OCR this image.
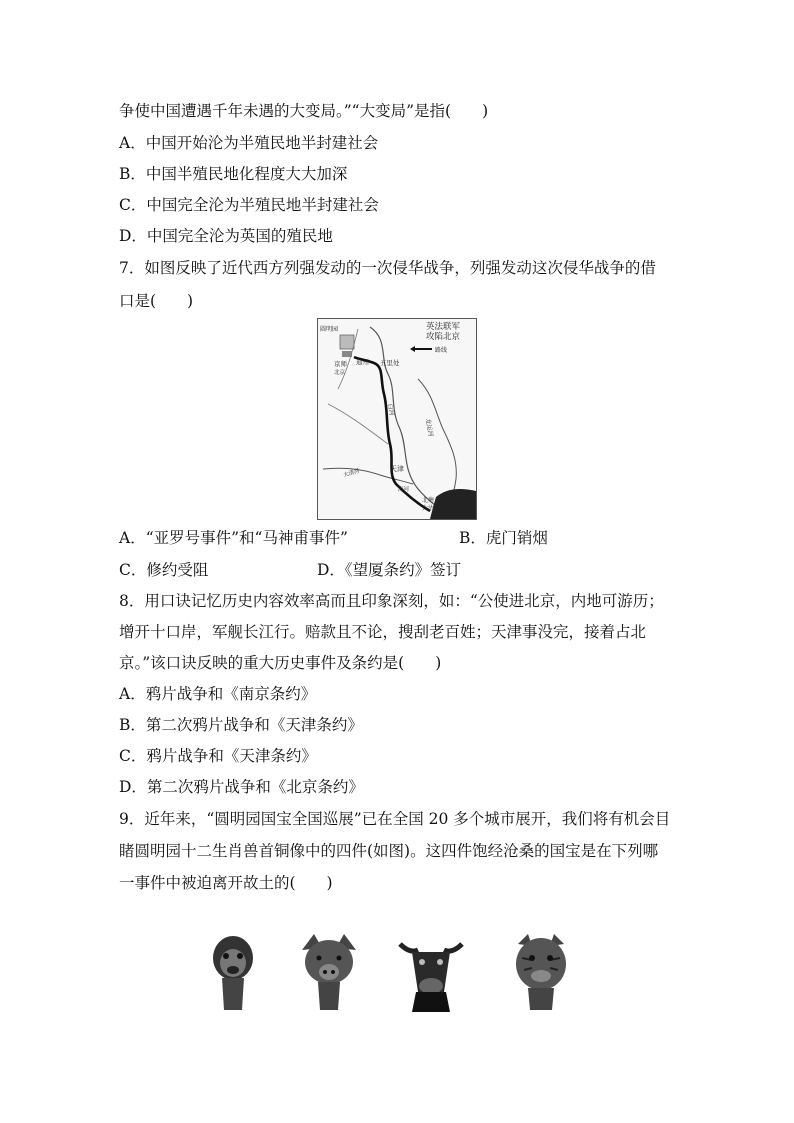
争使中国遭遇千年未遇的大变局。”“大变局”是指(　　)
A．中国开始沦为半殖民地半封建社会
B．中国半殖民地化程度大大加深
C．中国完全沦为半殖民地半封建社会
D．中国完全沦为英国的殖民地
7．如图反映了近代西方列强发动的一次侵华战争，列强发动这次侵华战争的借
口是(　　)
英法联军
攻陷北京
路线
圆明园
京师
北京
通州 五里处
白河
北运河
天津
北塘
大沽
大清河
海河
A．“亚罗号事件”和“马神甫事件”	B．虎门销烟
C．修约受阻	D．《望厦条约》签订
8．用口诀记忆历史内容效率高而且印象深刻，如：“公使进北京，内地可游历；
增开十口岸，军舰长江行。赔款且不论，搜刮老百姓；天津事没完，接着占北
京。”该口诀反映的重大历史事件及条约是(　　)
A．鸦片战争和《南京条约》
B．第二次鸦片战争和《天津条约》
C．鸦片战争和《天津条约》
D．第二次鸦片战争和《北京条约》
9．近年来，“圆明园国宝全国巡展”已在全国 20 多个城市展开，我们将有机会目
睹圆明园十二生肖兽首铜像中的四件(如图)。这四件饱经沧桑的国宝是在下列哪
一事件中被迫离开故土的(　　)
